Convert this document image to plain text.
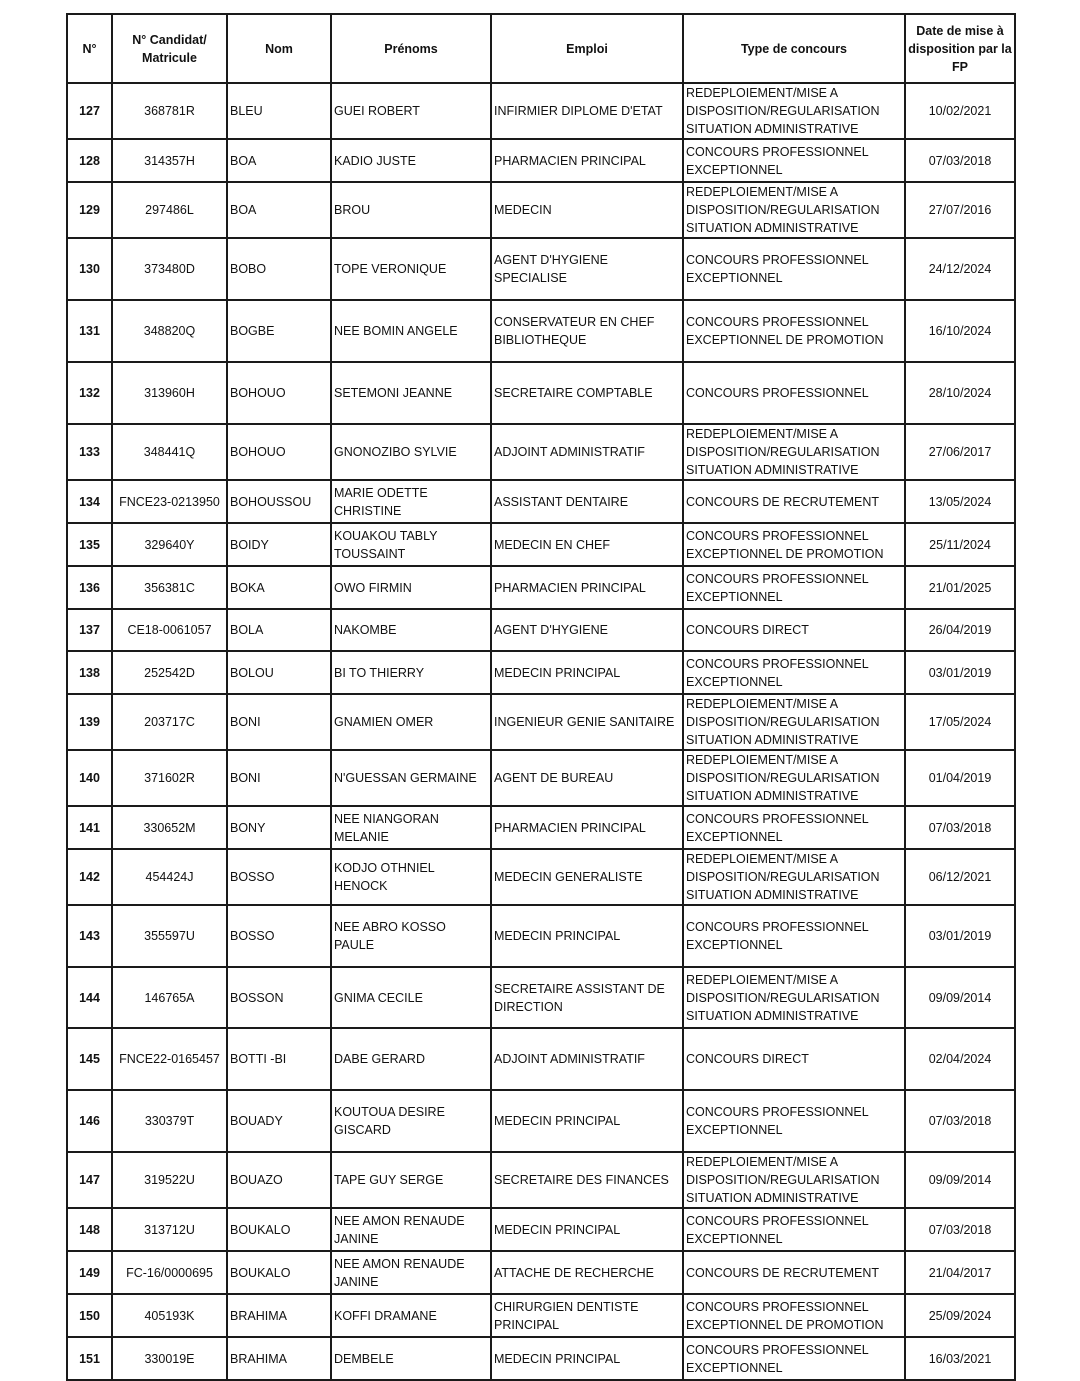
N°	N° Candidat/ Matricule	Nom	Prénoms	Emploi	Type de concours	Date de mise à disposition par la FP
127	368781R	BLEU	GUEI ROBERT	INFIRMIER DIPLOME D'ETAT	REDEPLOIEMENT/MISE A DISPOSITION/REGULARISATION SITUATION ADMINISTRATIVE	10/02/2021
128	314357H	BOA	KADIO JUSTE	PHARMACIEN PRINCIPAL	CONCOURS PROFESSIONNEL EXCEPTIONNEL	07/03/2018
129	297486L	BOA	BROU	MEDECIN	REDEPLOIEMENT/MISE A DISPOSITION/REGULARISATION SITUATION ADMINISTRATIVE	27/07/2016
130	373480D	BOBO	TOPE VERONIQUE	AGENT D'HYGIENE SPECIALISE	CONCOURS PROFESSIONNEL EXCEPTIONNEL	24/12/2024
131	348820Q	BOGBE	NEE BOMIN ANGELE	CONSERVATEUR EN CHEF BIBLIOTHEQUE	CONCOURS PROFESSIONNEL EXCEPTIONNEL DE PROMOTION	16/10/2024
132	313960H	BOHOUO	SETEMONI JEANNE	SECRETAIRE COMPTABLE	CONCOURS PROFESSIONNEL	28/10/2024
133	348441Q	BOHOUO	GNONOZIBO SYLVIE	ADJOINT ADMINISTRATIF	REDEPLOIEMENT/MISE A DISPOSITION/REGULARISATION SITUATION ADMINISTRATIVE	27/06/2017
134	FNCE23-0213950	BOHOUSSOU	MARIE ODETTE CHRISTINE	ASSISTANT DENTAIRE	CONCOURS DE RECRUTEMENT	13/05/2024
135	329640Y	BOIDY	KOUAKOU TABLY TOUSSAINT	MEDECIN EN CHEF	CONCOURS PROFESSIONNEL EXCEPTIONNEL DE PROMOTION	25/11/2024
136	356381C	BOKA	OWO FIRMIN	PHARMACIEN PRINCIPAL	CONCOURS PROFESSIONNEL EXCEPTIONNEL	21/01/2025
137	CE18-0061057	BOLA	NAKOMBE	AGENT D'HYGIENE	CONCOURS DIRECT	26/04/2019
138	252542D	BOLOU	BI TO THIERRY	MEDECIN PRINCIPAL	CONCOURS PROFESSIONNEL EXCEPTIONNEL	03/01/2019
139	203717C	BONI	GNAMIEN OMER	INGENIEUR GENIE SANITAIRE	REDEPLOIEMENT/MISE A DISPOSITION/REGULARISATION SITUATION ADMINISTRATIVE	17/05/2024
140	371602R	BONI	N'GUESSAN GERMAINE	AGENT DE BUREAU	REDEPLOIEMENT/MISE A DISPOSITION/REGULARISATION SITUATION ADMINISTRATIVE	01/04/2019
141	330652M	BONY	NEE NIANGORAN MELANIE	PHARMACIEN PRINCIPAL	CONCOURS PROFESSIONNEL EXCEPTIONNEL	07/03/2018
142	454424J	BOSSO	KODJO OTHNIEL HENOCK	MEDECIN GENERALISTE	REDEPLOIEMENT/MISE A DISPOSITION/REGULARISATION SITUATION ADMINISTRATIVE	06/12/2021
143	355597U	BOSSO	NEE ABRO KOSSO PAULE	MEDECIN PRINCIPAL	CONCOURS PROFESSIONNEL EXCEPTIONNEL	03/01/2019
144	146765A	BOSSON	GNIMA CECILE	SECRETAIRE ASSISTANT DE DIRECTION	REDEPLOIEMENT/MISE A DISPOSITION/REGULARISATION SITUATION ADMINISTRATIVE	09/09/2014
145	FNCE22-0165457	BOTTI -BI	DABE GERARD	ADJOINT ADMINISTRATIF	CONCOURS DIRECT	02/04/2024
146	330379T	BOUADY	KOUTOUA DESIRE GISCARD	MEDECIN PRINCIPAL	CONCOURS PROFESSIONNEL EXCEPTIONNEL	07/03/2018
147	319522U	BOUAZO	TAPE GUY SERGE	SECRETAIRE DES FINANCES	REDEPLOIEMENT/MISE A DISPOSITION/REGULARISATION SITUATION ADMINISTRATIVE	09/09/2014
148	313712U	BOUKALO	NEE AMON RENAUDE JANINE	MEDECIN PRINCIPAL	CONCOURS PROFESSIONNEL EXCEPTIONNEL	07/03/2018
149	FC-16/0000695	BOUKALO	NEE AMON RENAUDE JANINE	ATTACHE DE RECHERCHE	CONCOURS DE RECRUTEMENT	21/04/2017
150	405193K	BRAHIMA	KOFFI DRAMANE	CHIRURGIEN DENTISTE PRINCIPAL	CONCOURS PROFESSIONNEL EXCEPTIONNEL DE PROMOTION	25/09/2024
151	330019E	BRAHIMA	DEMBELE	MEDECIN PRINCIPAL	CONCOURS PROFESSIONNEL EXCEPTIONNEL	16/03/2021
